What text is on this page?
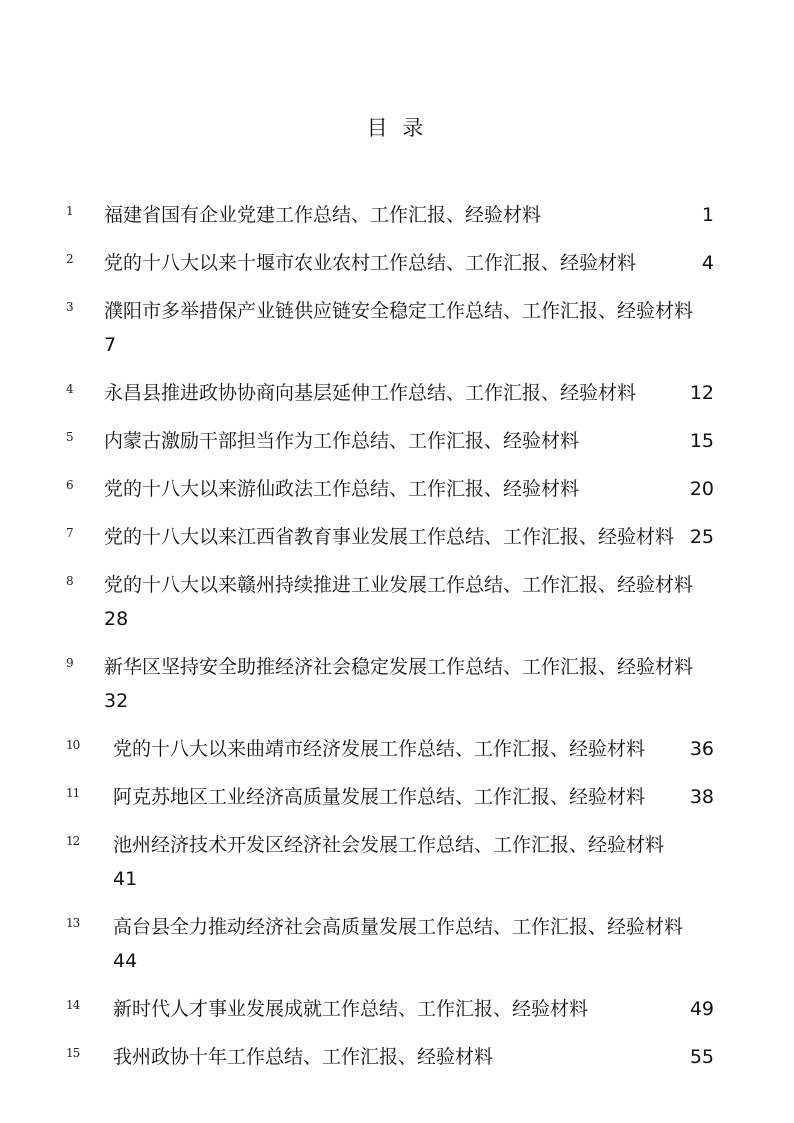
目 录
1 福建省国有企业党建工作总结、工作汇报、经验材料	1
2 党的十八大以来十堰市农业农村工作总结、工作汇报、经验材料	4
3 濮阳市多举措保产业链供应链安全稳定工作总结、工作汇报、经验材料
7
4 永昌县推进政协协商向基层延伸工作总结、工作汇报、经验材料	12
5 内蒙古激励干部担当作为工作总结、工作汇报、经验材料	15
6 党的十八大以来游仙政法工作总结、工作汇报、经验材料	20
7 党的十八大以来江西省教育事业发展工作总结、工作汇报、经验材料 25
8 党的十八大以来赣州持续推进工业发展工作总结、工作汇报、经验材料
28
9 新华区坚持安全助推经济社会稳定发展工作总结、工作汇报、经验材料
32
10 党的十八大以来曲靖市经济发展工作总结、工作汇报、经验材料 36
11 阿克苏地区工业经济高质量发展工作总结、工作汇报、经验材料 38
12 池州经济技术开发区经济社会发展工作总结、工作汇报、经验材料
41
13 高台县全力推动经济社会高质量发展工作总结、工作汇报、经验材料
44
14 新时代人才事业发展成就工作总结、工作汇报、经验材料	49
15 我州政协十年工作总结、工作汇报、经验材料	55
